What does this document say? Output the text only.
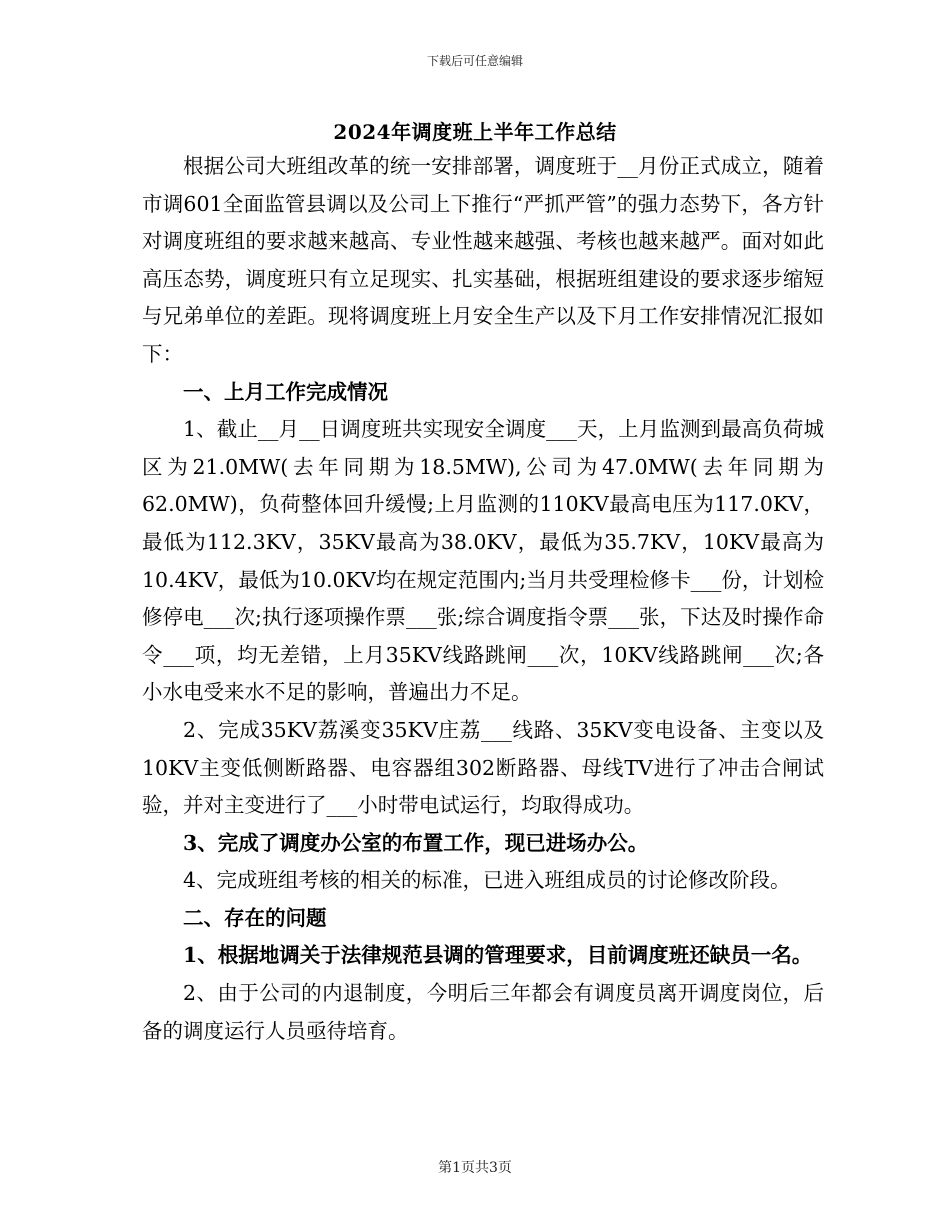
下载后可任意编辑
2024年调度班上半年工作总结

根据公司大班组改革的统一安排部署，调度班于__月份正式成立，随着市调601全面监管县调以及公司上下推行“严抓严管”的强力态势下，各方针对调度班组的要求越来越高、专业性越来越强、考核也越来越严。面对如此高压态势，调度班只有立足现实、扎实基础，根据班组建设的要求逐步缩短与兄弟单位的差距。现将调度班上月安全生产以及下月工作安排情况汇报如下：

一、上月工作完成情况

1、截止__月__日调度班共实现安全调度___天，上月监测到最高负荷城区为21.0MW(去年同期为18.5MW),公司为47.0MW(去年同期为62.0MW)，负荷整体回升缓慢;上月监测的110KV最高电压为117.0KV，最低为112.3KV，35KV最高为38.0KV，最低为35.7KV，10KV最高为10.4KV，最低为10.0KV均在规定范围内;当月共受理检修卡___份，计划检修停电___次;执行逐项操作票___张;综合调度指令票___张，下达及时操作命令___项，均无差错，上月35KV线路跳闸___次，10KV线路跳闸___次;各小水电受来水不足的影响，普遍出力不足。

2、完成35KV荔溪变35KV庄荔___线路、35KV变电设备、主变以及10KV主变低侧断路器、电容器组302断路器、母线TV进行了冲击合闸试验，并对主变进行了___小时带电试运行，均取得成功。

3、完成了调度办公室的布置工作，现已进场办公。

4、完成班组考核的相关的标准，已进入班组成员的讨论修改阶段。

二、存在的问题

1、根据地调关于法律规范县调的管理要求，目前调度班还缺员一名。

2、由于公司的内退制度，今明后三年都会有调度员离开调度岗位，后备的调度运行人员亟待培育。

第1页共3页
